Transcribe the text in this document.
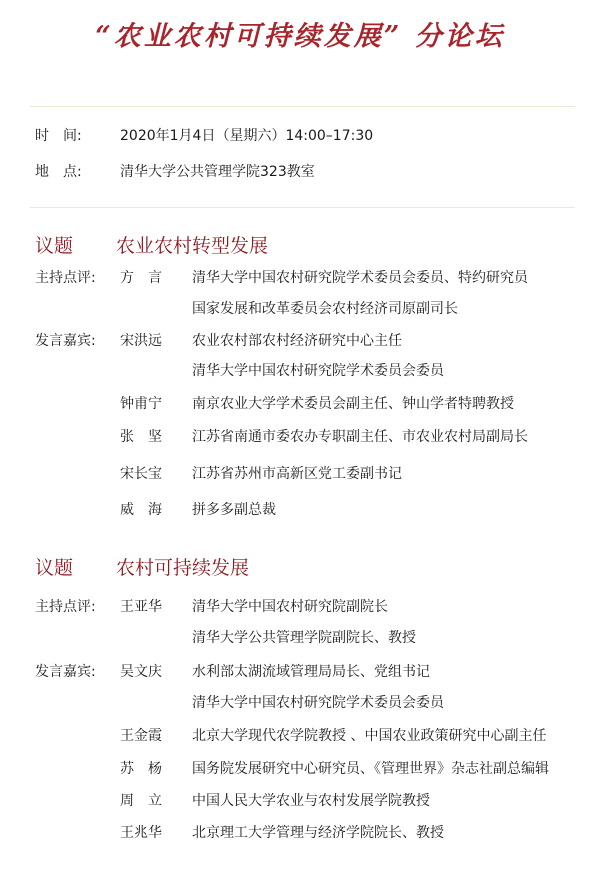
“农业农村可持续发展” 分论坛
时　间:	2020年1月4日（星期六）14:00–17:30
地　点:	清华大学公共管理学院323教室
议题 农业农村转型发展
主持点评: 方　言 清华大学中国农村研究院学术委员会委员、特约研究员
国家发展和改革委员会农村经济司原副司长
发言嘉宾: 宋洪远 农业农村部农村经济研究中心主任
清华大学中国农村研究院学术委员会委员
钟甫宁 南京农业大学学术委员会副主任、钟山学者特聘教授
张　坚 江苏省南通市委农办专职副主任、市农业农村局副局长
宋长宝 江苏省苏州市高新区党工委副书记
威　海 拼多多副总裁
议题 农村可持续发展
主持点评: 王亚华 清华大学中国农村研究院副院长
清华大学公共管理学院副院长、教授
发言嘉宾: 吴文庆 水利部太湖流域管理局局长、党组书记
清华大学中国农村研究院学术委员会委员
王金霞 北京大学现代农学院教授 、中国农业政策研究中心副主任
苏　杨 国务院发展研究中心研究员、《管理世界》杂志社副总编辑
周　立 中国人民大学农业与农村发展学院教授
王兆华 北京理工大学管理与经济学院院长、教授
